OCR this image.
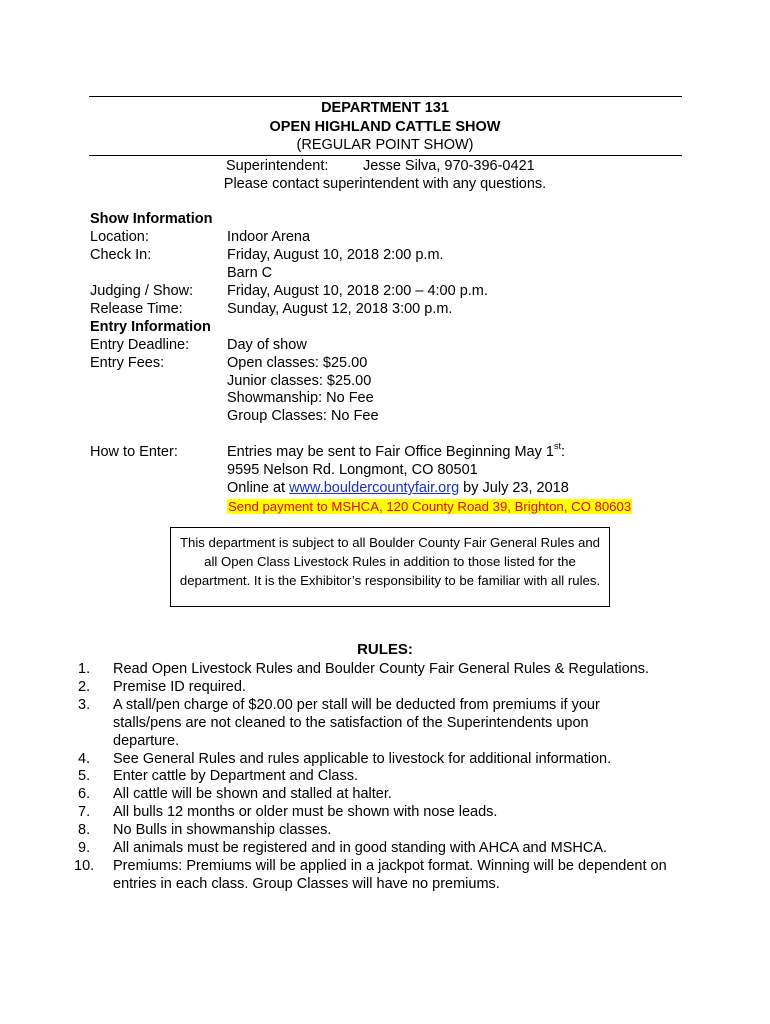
DEPARTMENT 131
OPEN HIGHLAND CATTLE SHOW
(REGULAR POINT SHOW)
Superintendent: Jesse Silva, 970-396-0421
Please contact superintendent with any questions.
Show Information
Location:	Indoor Arena
Check In:	Friday, August 10, 2018 2:00 p.m.
Barn C
Judging / Show: Friday, August 10, 2018 2:00 – 4:00 p.m.
Release Time:	Sunday, August 12, 2018 3:00 p.m.
Entry Information
Entry Deadline:	Day of show
Entry Fees:	Open classes: $25.00
Junior classes: $25.00
Showmanship: No Fee
Group Classes: No Fee
How to Enter:	Entries may be sent to Fair Office Beginning May 1st:
9595 Nelson Rd. Longmont, CO 80501
Online at www.bouldercountyfair.org by July 23, 2018
Send payment to MSHCA, 120 County Road 39, Brighton, CO 80603
This department is subject to all Boulder County Fair General Rules and all Open Class Livestock Rules in addition to those listed for the department. It is the Exhibitor’s responsibility to be familiar with all rules.
RULES:
1.	Read Open Livestock Rules and Boulder County Fair General Rules & Regulations.
2.	Premise ID required.
3.	A stall/pen charge of $20.00 per stall will be deducted from premiums if your stalls/pens are not cleaned to the satisfaction of the Superintendents upon departure.
4.	See General Rules and rules applicable to livestock for additional information.
5.	Enter cattle by Department and Class.
6.	All cattle will be shown and stalled at halter.
7.	All bulls 12 months or older must be shown with nose leads.
8.	No Bulls in showmanship classes.
9.	All animals must be registered and in good standing with AHCA and MSHCA.
10.	Premiums: Premiums will be applied in a jackpot format. Winning will be dependent on entries in each class. Group Classes will have no premiums.
